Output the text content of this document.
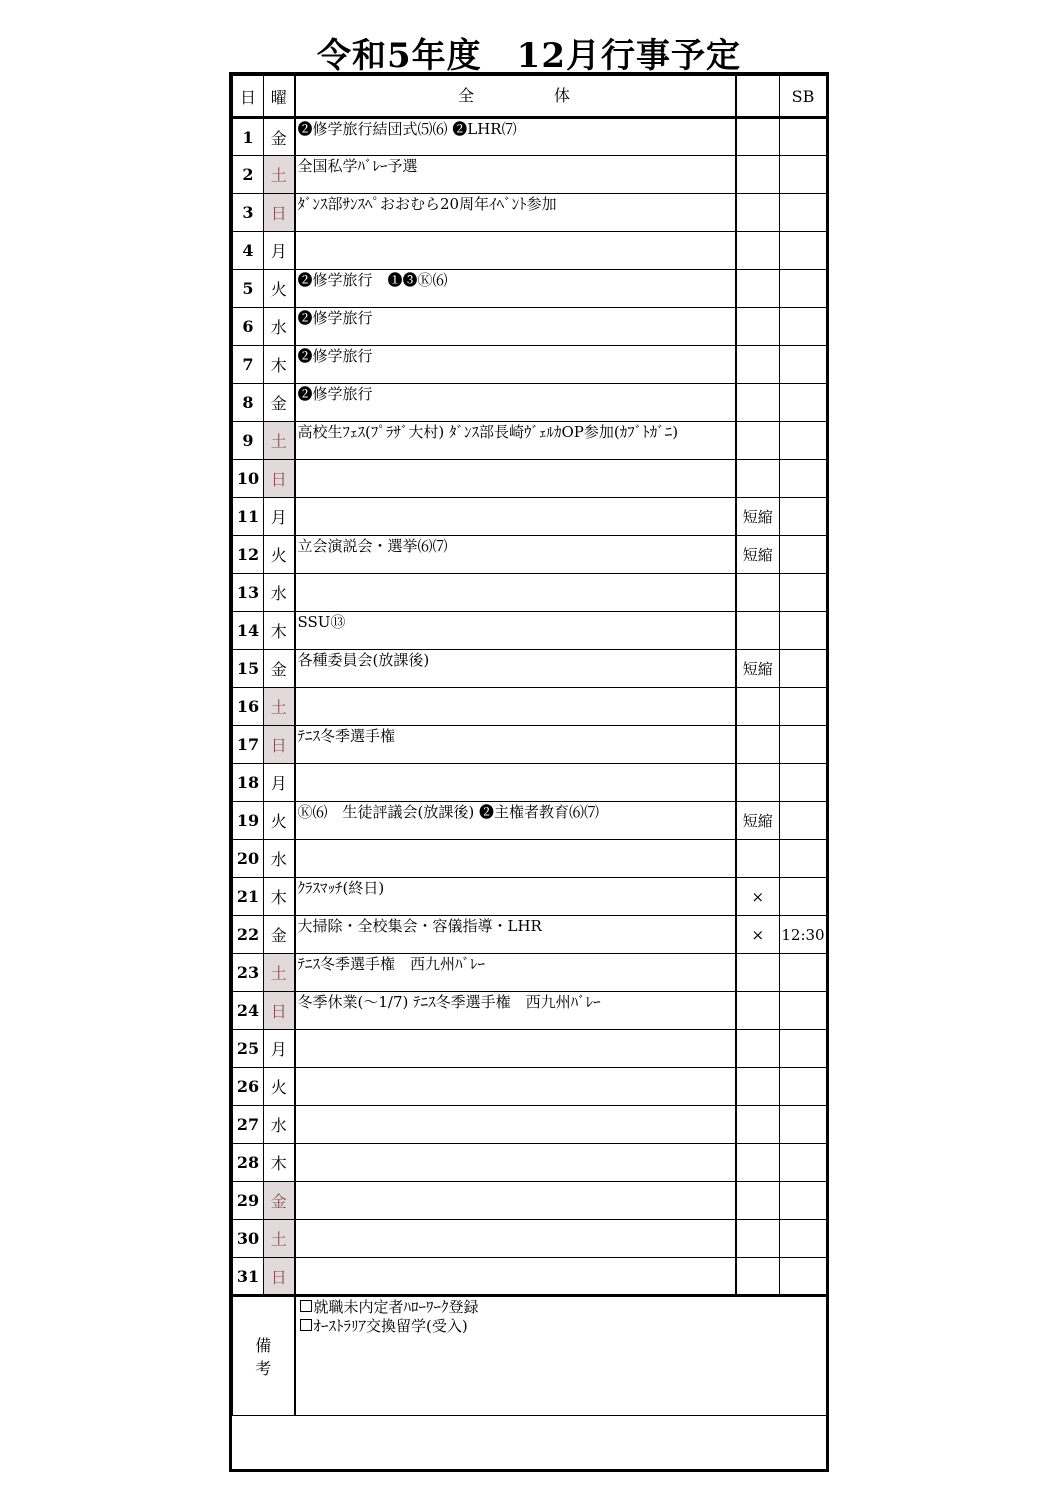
令和5年度　12月行事予定
日	曜	全体		SB
1	金	❷修学旅行結団式⑸⑹ ❷LHR⑺		
2	土	全国私学ﾊﾞﾚｰ予選		
3	日	ﾀﾞﾝｽ部ｻﾝｽﾍﾟおおむら20周年ｲﾍﾞﾝﾄ参加		
4	月			
5	火	❷修学旅行　❶❸Ⓚ⑹		
6	水	❷修学旅行		
7	木	❷修学旅行		
8	金	❷修学旅行		
9	土	高校生ﾌｪｽ(ﾌﾟﾗｻﾞ大村) ﾀﾞﾝｽ部長崎ｳﾞｪﾙｶOP参加(ｶﾌﾞﾄｶﾞﾆ)		
10	日			
11	月		短縮	
12	火	立会演説会・選挙⑹⑺	短縮	
13	水			
14	木	SSU⑬		
15	金	各種委員会(放課後)	短縮	
16	土			
17	日	ﾃﾆｽ冬季選手権		
18	月			
19	火	Ⓚ⑹　生徒評議会(放課後) ❷主権者教育⑹⑺	短縮	
20	水			
21	木	ｸﾗｽﾏｯﾁ(終日)	×	
22	金	大掃除・全校集会・容儀指導・LHR	×	12:30
23	土	ﾃﾆｽ冬季選手権　西九州ﾊﾞﾚｰ		
24	日	冬季休業(～1/7) ﾃﾆｽ冬季選手権　西九州ﾊﾞﾚｰ		
25	月			
26	火			
27	水			
28	木			
29	金			
30	土			
31	日			
備考		就職未内定者ﾊﾛｰﾜｰｸ登録
ｵｰｽﾄﾗﾘｱ交換留学(受入)		
